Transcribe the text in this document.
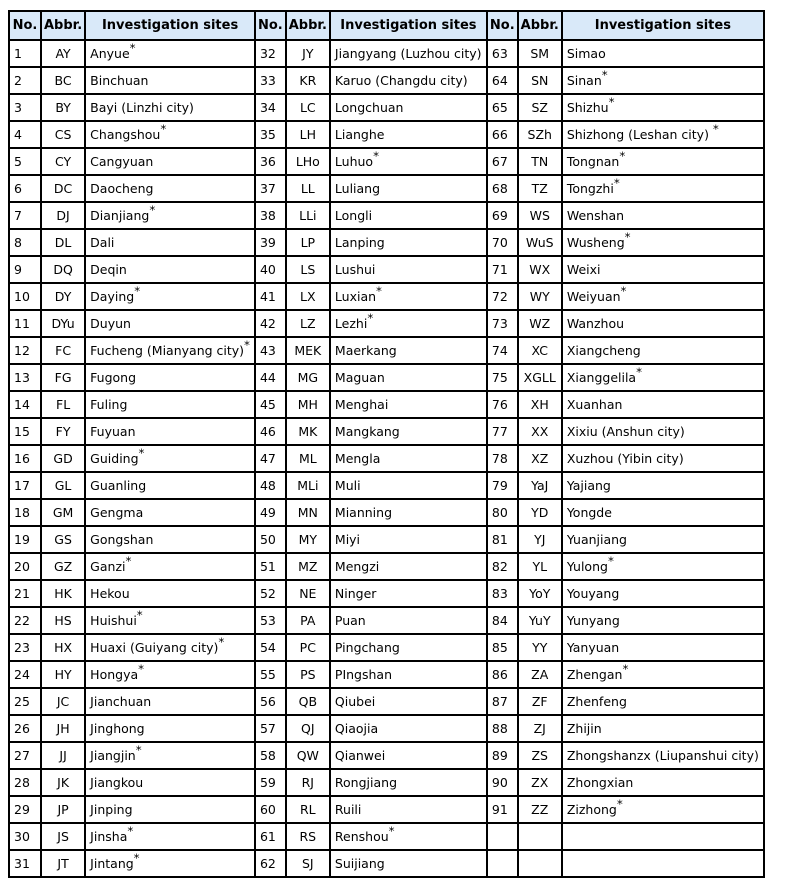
No.	Abbr.	Investigation sites	No.	Abbr.	Investigation sites	No.	Abbr.	Investigation sites
1	AY	Anyue*	32	JY	Jiangyang (Luzhou city)	63	SM	Simao
2	BC	Binchuan	33	KR	Karuo (Changdu city)	64	SN	Sinan*
3	BY	Bayi (Linzhi city)	34	LC	Longchuan	65	SZ	Shizhu*
4	CS	Changshou*	35	LH	Lianghe	66	SZh	Shizhong (Leshan city) *
5	CY	Cangyuan	36	LHo	Luhuo*	67	TN	Tongnan*
6	DC	Daocheng	37	LL	Luliang	68	TZ	Tongzhi*
7	DJ	Dianjiang*	38	LLi	Longli	69	WS	Wenshan
8	DL	Dali	39	LP	Lanping	70	WuS	Wusheng*
9	DQ	Deqin	40	LS	Lushui	71	WX	Weixi
10	DY	Daying*	41	LX	Luxian*	72	WY	Weiyuan*
11	DYu	Duyun	42	LZ	Lezhi*	73	WZ	Wanzhou
12	FC	Fucheng (Mianyang city)*	43	MEK	Maerkang	74	XC	Xiangcheng
13	FG	Fugong	44	MG	Maguan	75	XGLL	Xianggelila*
14	FL	Fuling	45	MH	Menghai	76	XH	Xuanhan
15	FY	Fuyuan	46	MK	Mangkang	77	XX	Xixiu (Anshun city)
16	GD	Guiding*	47	ML	Mengla	78	XZ	Xuzhou (Yibin city)
17	GL	Guanling	48	MLi	Muli	79	YaJ	Yajiang
18	GM	Gengma	49	MN	Mianning	80	YD	Yongde
19	GS	Gongshan	50	MY	Miyi	81	YJ	Yuanjiang
20	GZ	Ganzi*	51	MZ	Mengzi	82	YL	Yulong*
21	HK	Hekou	52	NE	Ninger	83	YoY	Youyang
22	HS	Huishui*	53	PA	Puan	84	YuY	Yunyang
23	HX	Huaxi (Guiyang city)*	54	PC	Pingchang	85	YY	Yanyuan
24	HY	Hongya*	55	PS	PIngshan	86	ZA	Zhengan*
25	JC	Jianchuan	56	QB	Qiubei	87	ZF	Zhenfeng
26	JH	Jinghong	57	QJ	Qiaojia	88	ZJ	Zhijin
27	JJ	Jiangjin*	58	QW	Qianwei	89	ZS	Zhongshanzx (Liupanshui city)
28	JK	Jiangkou	59	RJ	Rongjiang	90	ZX	Zhongxian
29	JP	Jinping	60	RL	Ruili	91	ZZ	Zizhong*
30	JS	Jinsha*	61	RS	Renshou*			
31	JT	Jintang*	62	SJ	Suijiang			
